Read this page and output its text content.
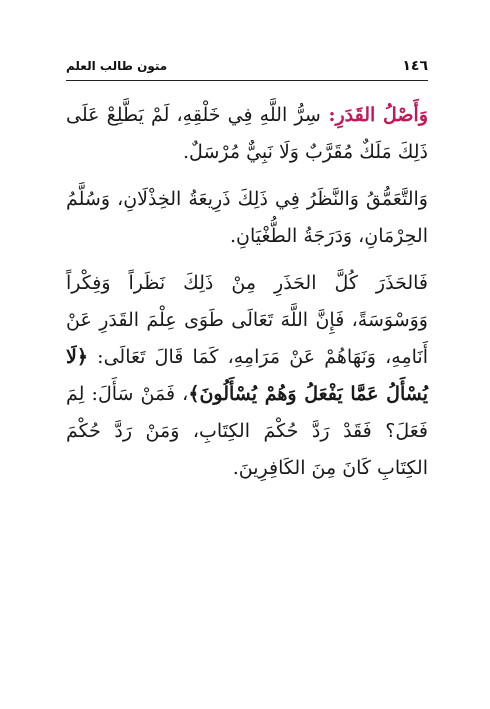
١٤٦
متون طالب العلم

وَأَصْلُ القَدَرِ: سِرُّ اللَّهِ فِي خَلْقِهِ، لَمْ يَطَّلِعْ عَلَى ذَلِكَ مَلَكٌ مُقَرَّبٌ وَلَا نَبِيٌّ مُرْسَلٌ.

وَالتَّعَمُّقُ وَالنَّظَرُ فِي ذَلِكَ ذَرِيعَةُ الخِذْلَانِ، وَسُلَّمُ الحِرْمَانِ، وَدَرَجَةُ الطُّغْيَانِ.

فَالحَذَرَ كُلَّ الحَذَرِ مِنْ ذَلِكَ نَظَراً وَفِكْراً وَوَسْوَسَةً، فَإِنَّ اللَّهَ تَعَالَى طَوَى عِلْمَ القَدَرِ عَنْ أَنَامِهِ، وَنَهَاهُمْ عَنْ مَرَامِهِ، كَمَا قَالَ تَعَالَى: ﴿لَا يُسْأَلُ عَمَّا يَفْعَلُ وَهُمْ يُسْأَلُونَ﴾، فَمَنْ سَأَلَ: لِمَ فَعَلَ؟ فَقَدْ رَدَّ حُكْمَ الكِتَابِ، وَمَنْ رَدَّ حُكْمَ الكِتَابِ كَانَ مِنَ الكَافِرِينَ.
